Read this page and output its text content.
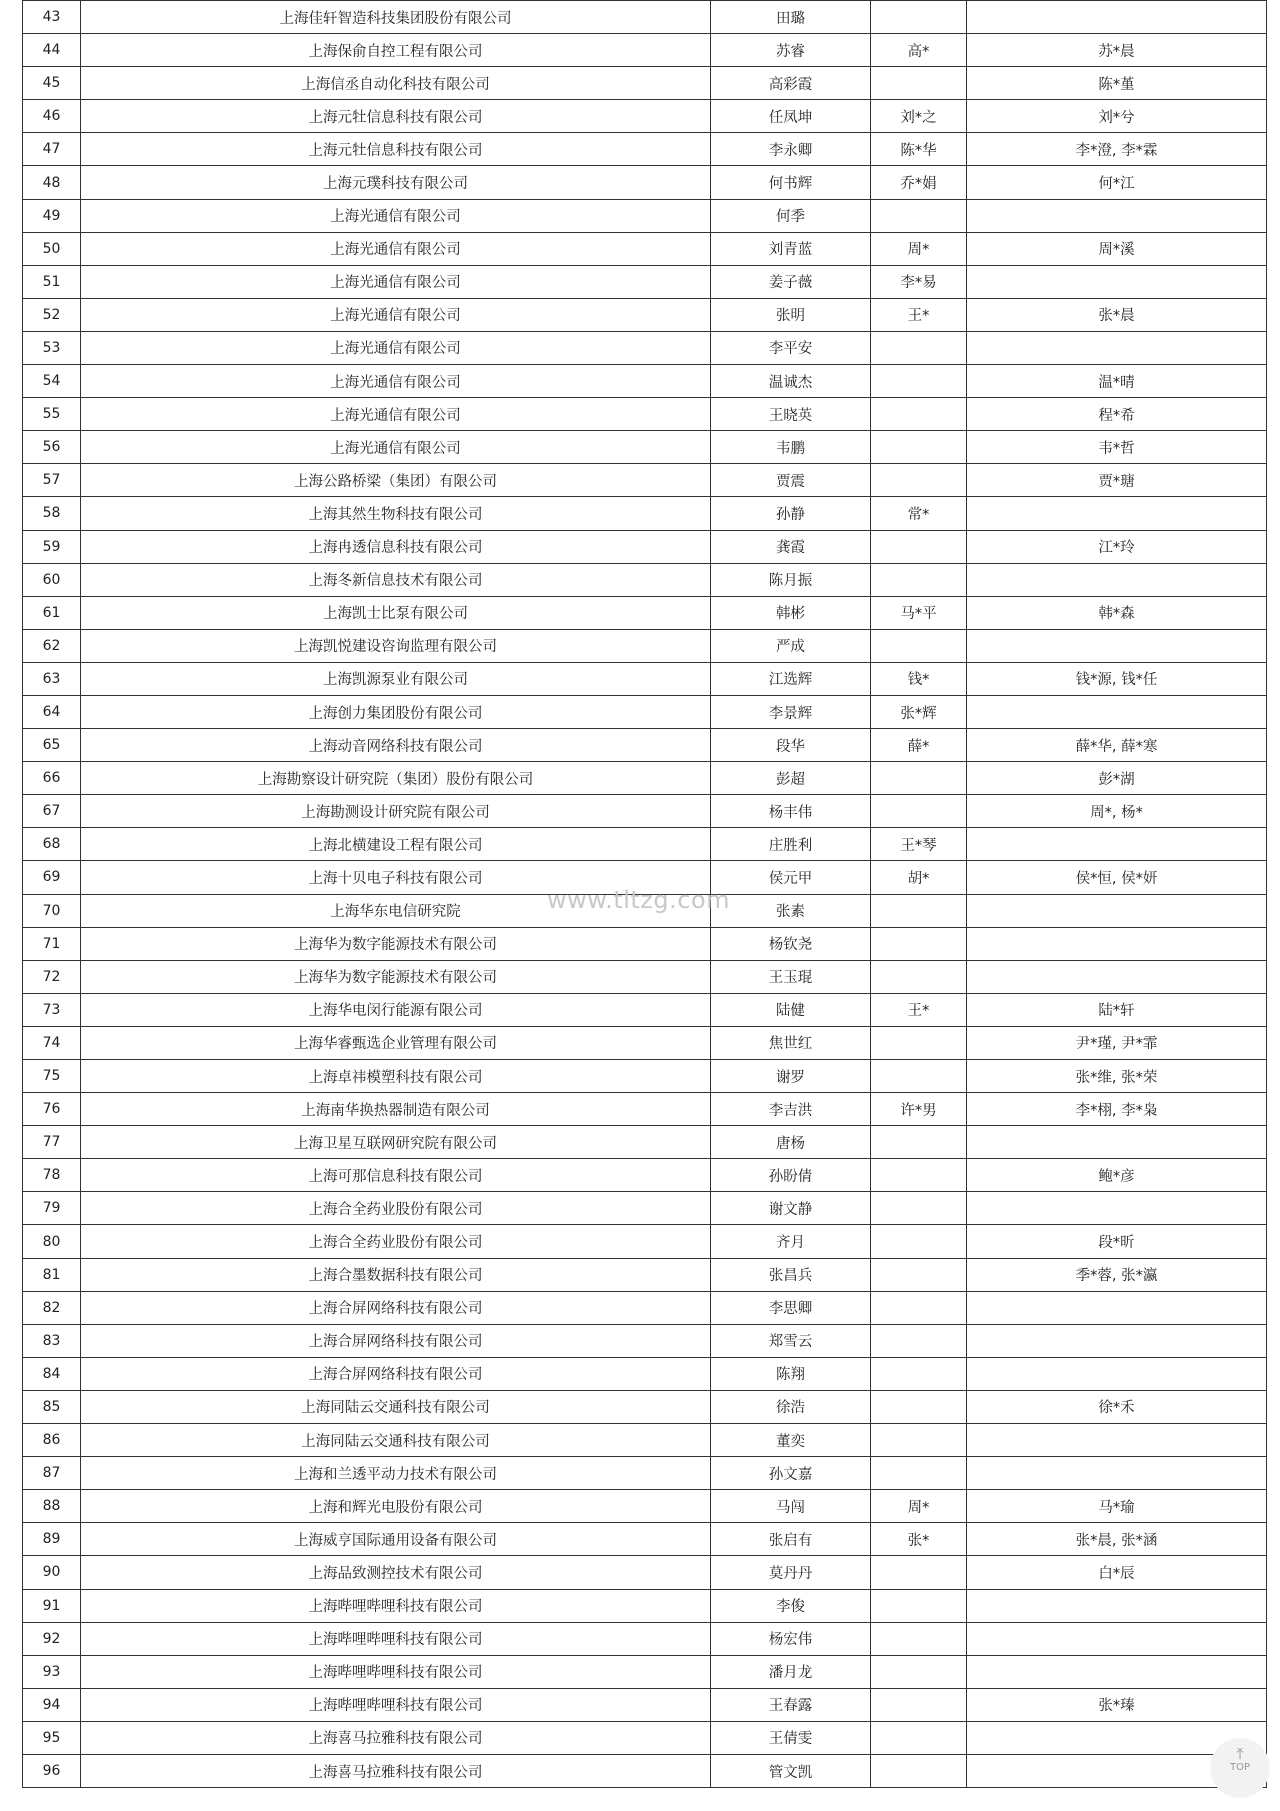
43	上海佳轩智造科技集团股份有限公司	田璐		
44	上海保俞自控工程有限公司	苏睿	高*	苏*晨
45	上海信丞自动化科技有限公司	高彩霞		陈*堇
46	上海元牡信息科技有限公司	任凤坤	刘*之	刘*兮
47	上海元牡信息科技有限公司	李永卿	陈*华	李*澄, 李*霖
48	上海元璞科技有限公司	何书辉	乔*娟	何*江
49	上海光通信有限公司	何季		
50	上海光通信有限公司	刘青蓝	周*	周*溪
51	上海光通信有限公司	姜子薇	李*易	
52	上海光通信有限公司	张明	王*	张*晨
53	上海光通信有限公司	李平安		
54	上海光通信有限公司	温诚杰		温*晴
55	上海光通信有限公司	王晓英		程*希
56	上海光通信有限公司	韦鹏		韦*哲
57	上海公路桥梁（集团）有限公司	贾震		贾*瑭
58	上海其然生物科技有限公司	孙静	常*	
59	上海冉透信息科技有限公司	龚霞		江*玲
60	上海冬新信息技术有限公司	陈月振		
61	上海凯士比泵有限公司	韩彬	马*平	韩*森
62	上海凯悦建设咨询监理有限公司	严成		
63	上海凯源泵业有限公司	江选辉	钱*	钱*源, 钱*任
64	上海创力集团股份有限公司	李景辉	张*辉	
65	上海动音网络科技有限公司	段华	薛*	薛*华, 薛*寒
66	上海勘察设计研究院（集团）股份有限公司	彭超		彭*湖
67	上海勘测设计研究院有限公司	杨丰伟		周*, 杨*
68	上海北横建设工程有限公司	庄胜利	王*琴	
69	上海十贝电子科技有限公司	侯元甲	胡*	侯*恒, 侯*妍
70	上海华东电信研究院	张素		
71	上海华为数字能源技术有限公司	杨钦尧		
72	上海华为数字能源技术有限公司	王玉琨		
73	上海华电闵行能源有限公司	陆健	王*	陆*轩
74	上海华睿甄选企业管理有限公司	焦世红		尹*瑾, 尹*霏
75	上海卓祎模塑科技有限公司	谢罗		张*维, 张*荣
76	上海南华换热器制造有限公司	李吉洪	许*男	李*栩, 李*枭
77	上海卫星互联网研究院有限公司	唐杨		
78	上海可那信息科技有限公司	孙盼倩		鲍*彦
79	上海合全药业股份有限公司	谢文静		
80	上海合全药业股份有限公司	齐月		段*昕
81	上海合墨数据科技有限公司	张昌兵		季*蓉, 张*瀛
82	上海合屏网络科技有限公司	李思卿		
83	上海合屏网络科技有限公司	郑雪云		
84	上海合屏网络科技有限公司	陈翔		
85	上海同陆云交通科技有限公司	徐浩		徐*禾
86	上海同陆云交通科技有限公司	董奕		
87	上海和兰透平动力技术有限公司	孙文嘉		
88	上海和辉光电股份有限公司	马闯	周*	马*瑜
89	上海威亨国际通用设备有限公司	张启有	张*	张*晨, 张*涵
90	上海品致测控技术有限公司	莫丹丹		白*辰
91	上海哔哩哔哩科技有限公司	李俊		
92	上海哔哩哔哩科技有限公司	杨宏伟		
93	上海哔哩哔哩科技有限公司	潘月龙		
94	上海哔哩哔哩科技有限公司	王春露		张*瑧
95	上海喜马拉雅科技有限公司	王倩雯		
96	上海喜马拉雅科技有限公司	管文凯		
www.tltzg.com
⤒
TOP
